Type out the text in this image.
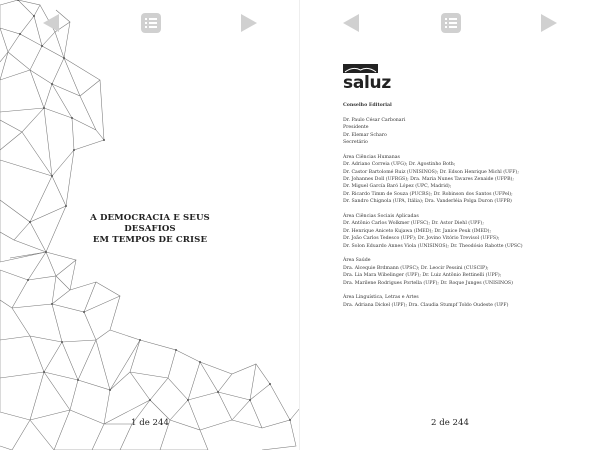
A DEMOCRACIA E SEUS DESAFIOS
EM TEMPOS DE CRISE
1 de 244	2 de 244
saluz
Conselho Editorial
Dr. Paulo César Carbonari
Presidente
Dr. Elemar Scharo
Secretário
Área Ciências Humanas
Dr. Adriano Correia (UFG); Dr. Agostinho Both;
Dr. Castor Bartolomé Ruiz (UNISINOS); Dr. Edson Henrique Michl (UFF);
Dr. Johannes Doll (UFRGS); Dra. Maria Nunes Tavares Zenaide (UFPB);
Dr. Miguel García Baró López (UPC, Madrid);
Dr. Ricardo Timm de Souza (PUCRS); Dr. Robinson dos Santos (UFPel);
Dr. Sandro Chignola (UPA, Itália); Dra. Vanderléia Polga Duron (UFPB)
Área Ciências Sociais Aplicadas
Dr. Antônio Carlos Wolkmer (UFSC); Dr. Astor Diehl (UPF);
Dr. Henrique Aniceto Kujawa (IMED); Dr. Janice Peuk (IMED);
Dr. João Carlos Tedesco (UPF); Dr. Jovino Vitório Trevisol (UFFS);
Dr. Solon Eduardo Annes Viola (UNISINOS); Dr. Theodósio Rabotte (UPSC)
Área Saúde
Dra. Alcequie Brdmann (UPSC); Dr. Leocir Pessini (CUSCIP);
Dra. Lia Mara Wibelinger (UPF); Dr. Luiz Antônio Bettinelli (UPF);
Dra. Marilene Rodrigues Portella (UPF); Dr. Roque Junges (UNISINOS)
Área Linguística, Letras e Artes
Dra. Adriana Dickel (UPF); Dra. Claudia Stumpf Toldo Oudeste (UPF)
